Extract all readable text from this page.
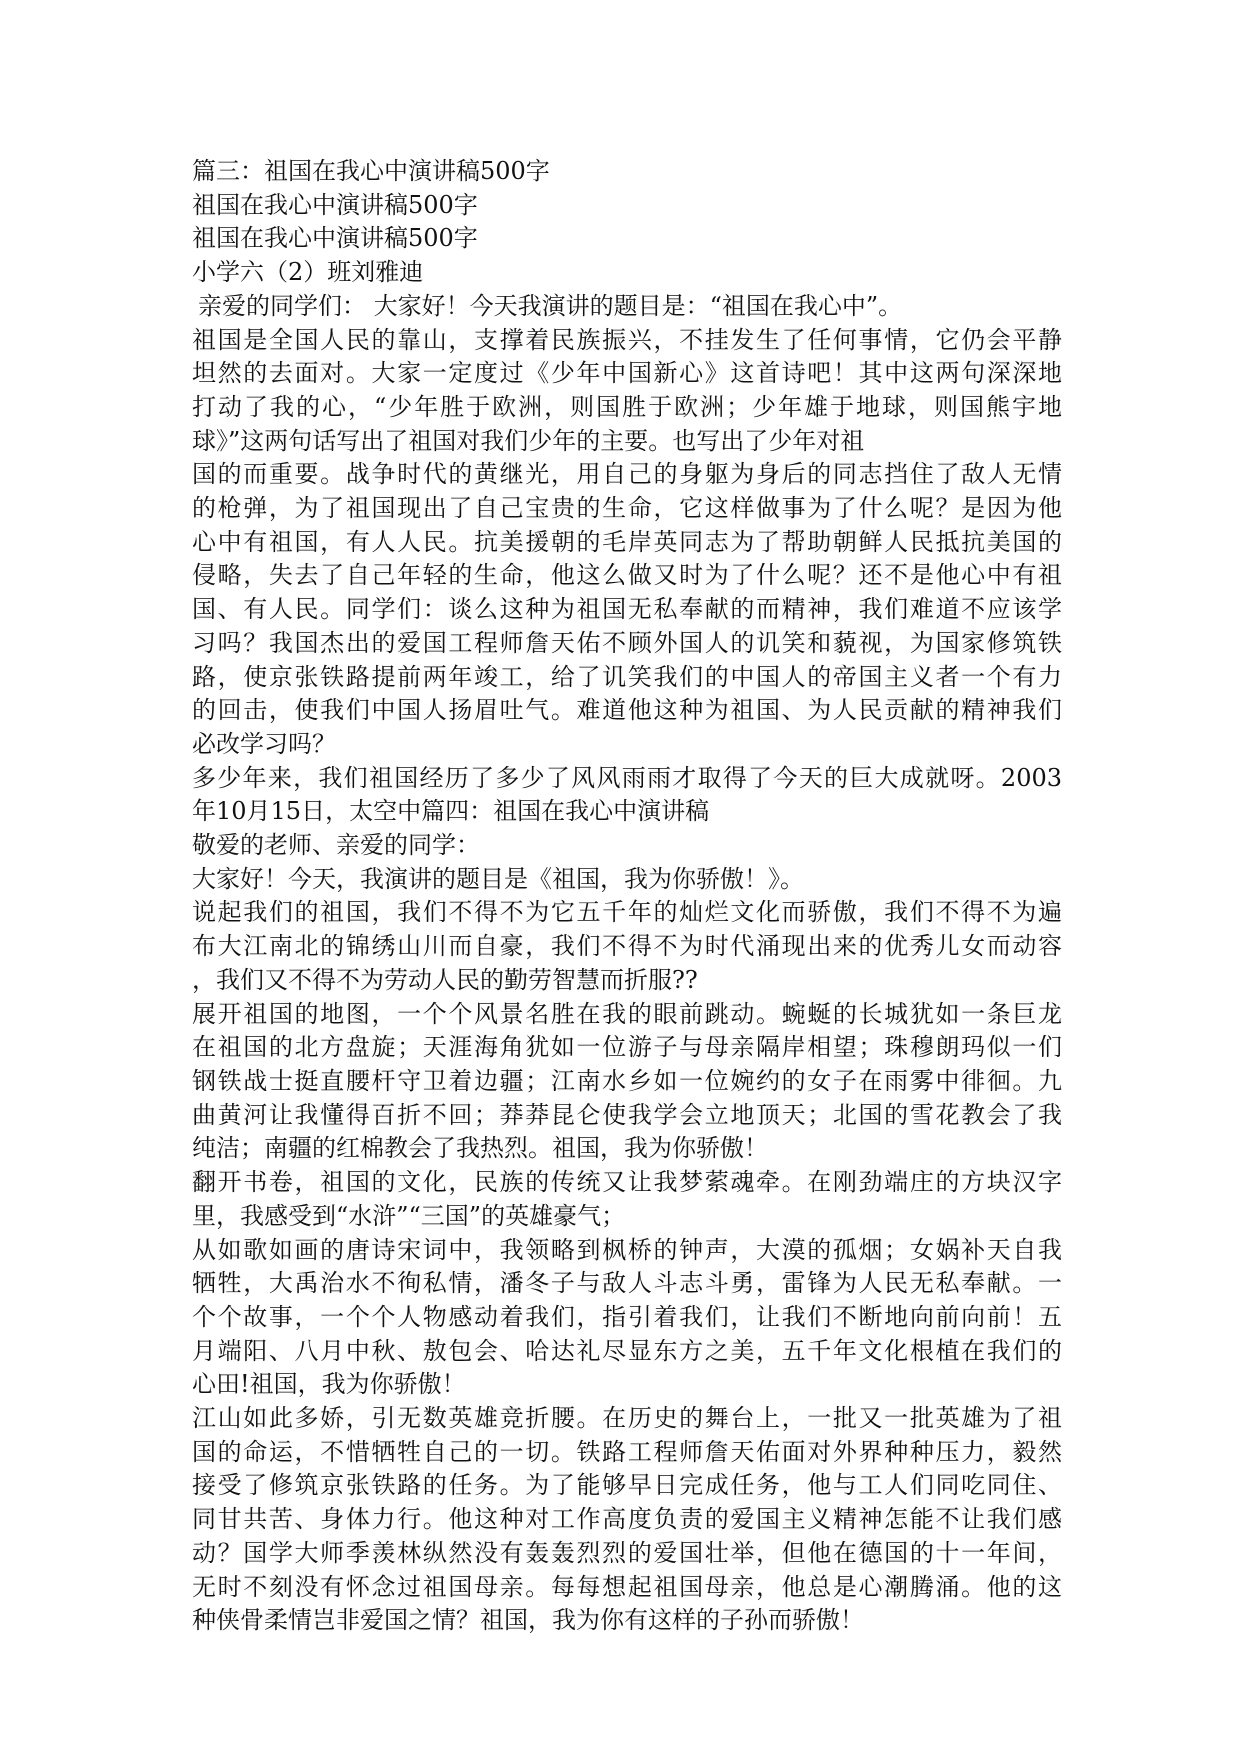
篇三：祖国在我心中演讲稿500字

祖国在我心中演讲稿500字

祖国在我心中演讲稿500字

小学六（2）班刘雅迪

亲爱的同学们： 大家好！今天我演讲的题目是：“祖国在我心中”。

祖国是全国人民的靠山，支撑着民族振兴，不挂发生了任何事情，它仍会平静

坦然的去面对。大家一定度过《少年中国新心》这首诗吧！其中这两句深深地

打动了我的心，“少年胜于欧洲，则国胜于欧洲；少年雄于地球，则国熊宇地

球》”这两句话写出了祖国对我们少年的主要。也写出了少年对祖

国的而重要。战争时代的黄继光，用自己的身躯为身后的同志挡住了敌人无情

的枪弹，为了祖国现出了自己宝贵的生命，它这样做事为了什么呢？是因为他

心中有祖国，有人人民。抗美援朝的毛岸英同志为了帮助朝鲜人民抵抗美国的

侵略，失去了自己年轻的生命，他这么做又时为了什么呢？还不是他心中有祖

国、有人民。同学们：谈么这种为祖国无私奉献的而精神，我们难道不应该学

习吗？我国杰出的爱国工程师詹天佑不顾外国人的讥笑和藐视，为国家修筑铁

路，使京张铁路提前两年竣工，给了讥笑我们的中国人的帝国主义者一个有力

的回击，使我们中国人扬眉吐气。难道他这种为祖国、为人民贡献的精神我们

必改学习吗？

多少年来，我们祖国经历了多少了风风雨雨才取得了今天的巨大成就呀。2003

年10月15日，太空中篇四：祖国在我心中演讲稿

敬爱的老师、亲爱的同学：

大家好！今天，我演讲的题目是《祖国，我为你骄傲！》。

说起我们的祖国，我们不得不为它五千年的灿烂文化而骄傲，我们不得不为遍

布大江南北的锦绣山川而自豪，我们不得不为时代涌现出来的优秀儿女而动容

，我们又不得不为劳动人民的勤劳智慧而折服??

展开祖国的地图，一个个风景名胜在我的眼前跳动。蜿蜒的长城犹如一条巨龙

在祖国的北方盘旋；天涯海角犹如一位游子与母亲隔岸相望；珠穆朗玛似一们

钢铁战士挺直腰杆守卫着边疆；江南水乡如一位婉约的女子在雨雾中徘徊。九

曲黄河让我懂得百折不回；莽莽昆仑使我学会立地顶天；北国的雪花教会了我

纯洁；南疆的红棉教会了我热烈。祖国，我为你骄傲！

翻开书卷，祖国的文化，民族的传统又让我梦萦魂牵。在刚劲端庄的方块汉字

里，我感受到“水浒”“三国”的英雄豪气；

从如歌如画的唐诗宋词中，我领略到枫桥的钟声，大漠的孤烟；女娲补天自我

牺牲，大禹治水不徇私情，潘冬子与敌人斗志斗勇，雷锋为人民无私奉献。一

个个故事，一个个人物感动着我们，指引着我们，让我们不断地向前向前！五

月端阳、八月中秋、敖包会、哈达礼尽显东方之美，五千年文化根植在我们的

心田!祖国，我为你骄傲！

江山如此多娇，引无数英雄竞折腰。在历史的舞台上，一批又一批英雄为了祖

国的命运，不惜牺牲自己的一切。铁路工程师詹天佑面对外界种种压力，毅然

接受了修筑京张铁路的任务。为了能够早日完成任务，他与工人们同吃同住、

同甘共苦、身体力行。他这种对工作高度负责的爱国主义精神怎能不让我们感

动？国学大师季羡林纵然没有轰轰烈烈的爱国壮举，但他在德国的十一年间，

无时不刻没有怀念过祖国母亲。每每想起祖国母亲，他总是心潮腾涌。他的这

种侠骨柔情岂非爱国之情？祖国，我为你有这样的子孙而骄傲！
